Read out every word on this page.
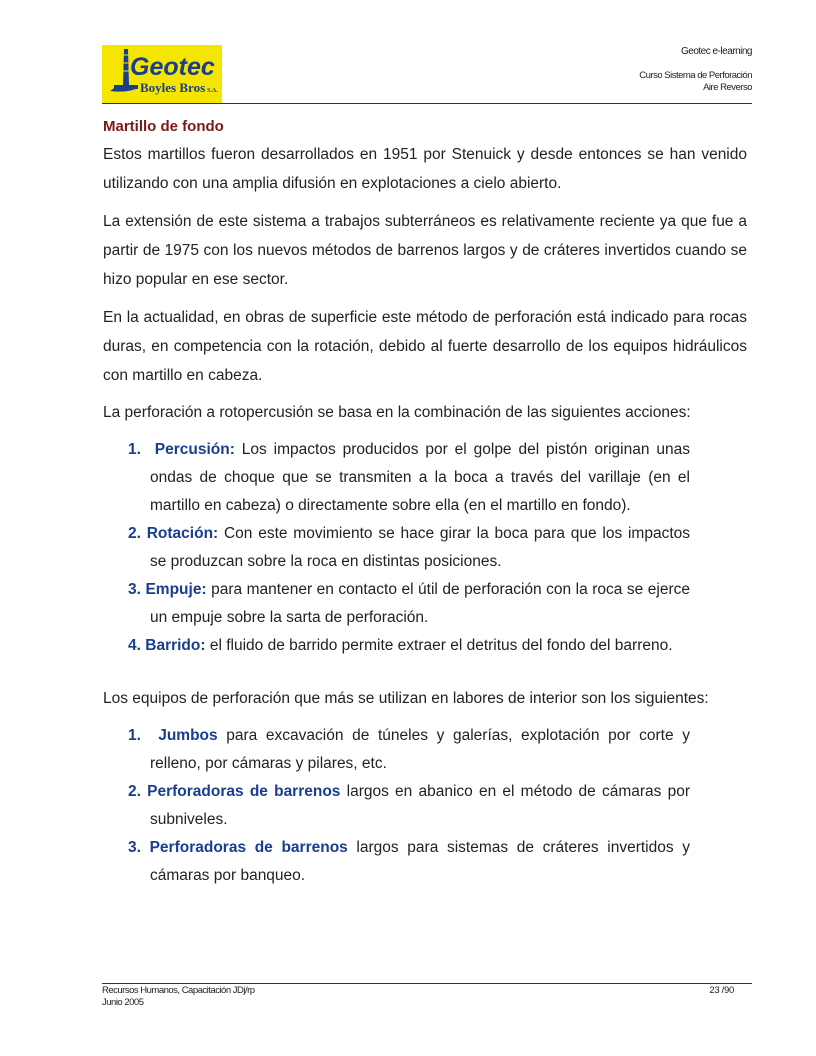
Geotec
Boyles Bros S.A.
Geotec e-learning
Curso Sistema de Perforación
Aire Reverso
Martillo de fondo

Estos martillos fueron desarrollados en 1951 por Stenuick y desde entonces se han venido utilizando con una amplia difusión en explotaciones a cielo abierto.

La extensión de este sistema a trabajos subterráneos es relativamente reciente ya que fue a partir de 1975 con los nuevos métodos de barrenos largos y de cráteres invertidos cuando se hizo popular en ese sector.

En la actualidad, en obras de superficie este método de perforación está indicado para rocas duras, en competencia con la rotación, debido al fuerte desarrollo de los equipos hidráulicos con martillo en cabeza.

La perforación a rotopercusión se basa en la combinación de las siguientes acciones:

1. Percusión: Los impactos producidos por el golpe del pistón originan unas ondas de choque que se transmiten a la boca a través del varillaje (en el martillo en cabeza) o directamente sobre ella (en el martillo en fondo).
2. Rotación: Con este movimiento se hace girar la boca para que los impactos se produzcan sobre la roca en distintas posiciones.
3. Empuje: para mantener en contacto el útil de perforación con la roca se ejerce un empuje sobre la sarta de perforación.
4. Barrido: el fluido de barrido permite extraer el detritus del fondo del barreno.

Los equipos de perforación que más se utilizan en labores de interior son los siguientes:

1. Jumbos para excavación de túneles y galerías, explotación por corte y relleno, por cámaras y pilares, etc.
2. Perforadoras de barrenos largos en abanico en el método de cámaras por subniveles.
3. Perforadoras de barrenos largos para sistemas de cráteres invertidos y cámaras por banqueo.
Recursos Humanos, Capacitación JDj/rp
Junio 2005
23 /90
